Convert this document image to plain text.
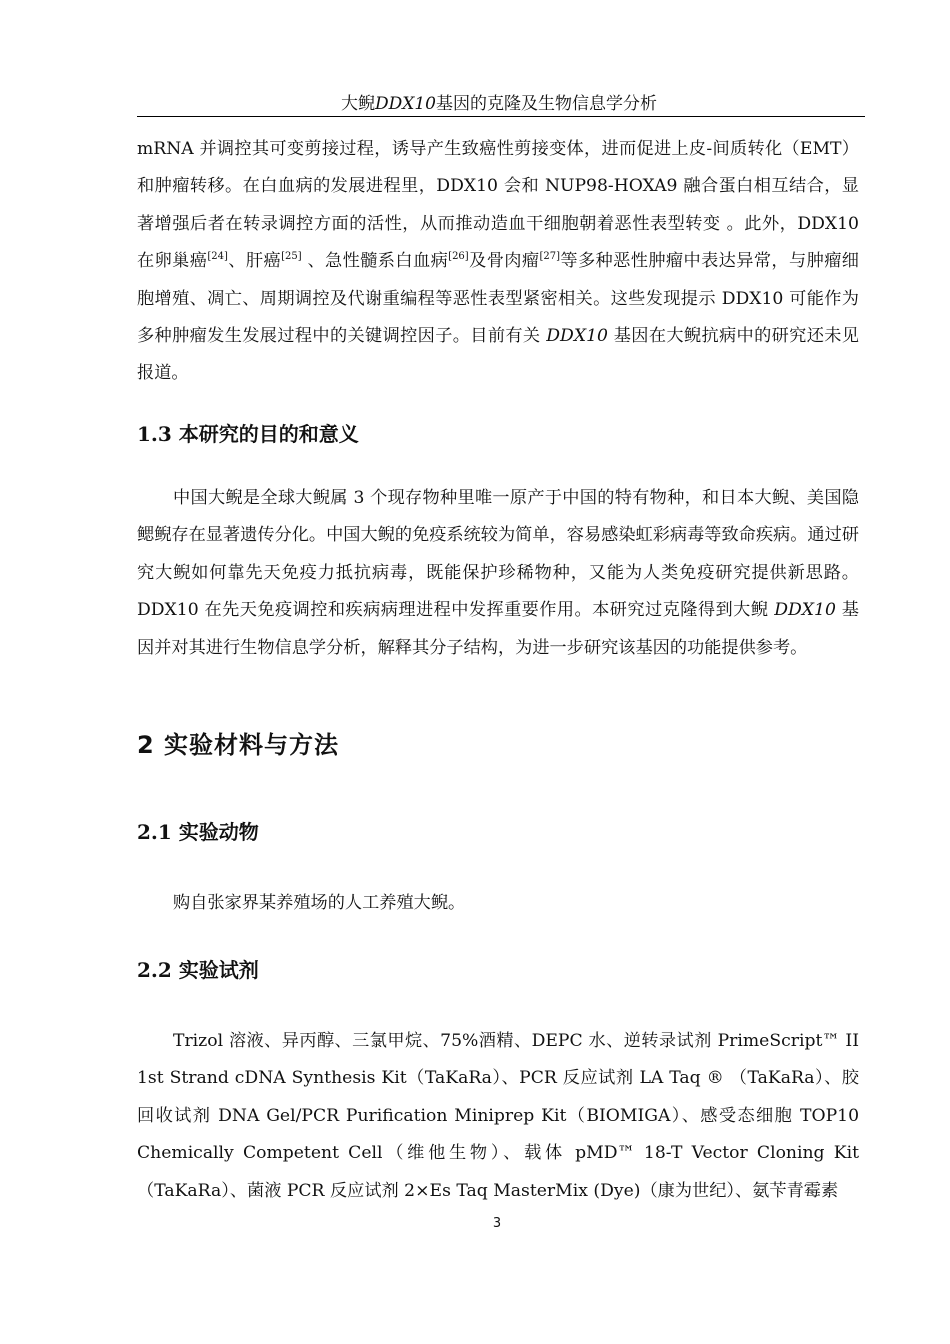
大鲵DDX10基因的克隆及生物信息学分析

mRNA 并调控其可变剪接过程，诱导产生致癌性剪接变体，进而促进上皮-间质转化（EMT）和肿瘤转移。在白血病的发展进程里，DDX10 会和 NUP98-HOXA9 融合蛋白相互结合，显著增强后者在转录调控方面的活性，从而推动造血干细胞朝着恶性表型转变 。此外，DDX10 在卵巢癌[24]、肝癌[25] 、急性髓系白血病[26]及骨肉瘤[27]等多种恶性肿瘤中表达异常，与肿瘤细胞增殖、凋亡、周期调控及代谢重编程等恶性表型紧密相关。这些发现提示 DDX10 可能作为多种肿瘤发生发展过程中的关键调控因子。目前有关 DDX10 基因在大鲵抗病中的研究还未见报道。

1.3 本研究的目的和意义

中国大鲵是全球大鲵属 3 个现存物种里唯一原产于中国的特有物种，和日本大鲵、美国隐鳃鲵存在显著遗传分化。中国大鲵的免疫系统较为简单，容易感染虹彩病毒等致命疾病。通过研究大鲵如何靠先天免疫力抵抗病毒，既能保护珍稀物种，又能为人类免疫研究提供新思路。DDX10 在先天免疫调控和疾病病理进程中发挥重要作用。本研究过克隆得到大鲵 DDX10 基因并对其进行生物信息学分析，解释其分子结构，为进一步研究该基因的功能提供参考。

2 实验材料与方法
2.1 实验动物

购自张家界某养殖场的人工养殖大鲵。

2.2 实验试剂

Trizol 溶液、异丙醇、三氯甲烷、75%酒精、DEPC 水、逆转录试剂 PrimeScript™ II 1st Strand cDNA Synthesis Kit（TaKaRa）、PCR 反应试剂 LA Taq ® （TaKaRa）、胶回收试剂 DNA Gel/PCR Purification Miniprep Kit（BIOMIGA）、感受态细胞 TOP10 Chemically Competent Cell（维他生物）、载体 pMD™ 18-T Vector Cloning Kit（TaKaRa）、菌液 PCR 反应试剂 2×Es Taq MasterMix (Dye)（康为世纪）、氨苄青霉素

3
